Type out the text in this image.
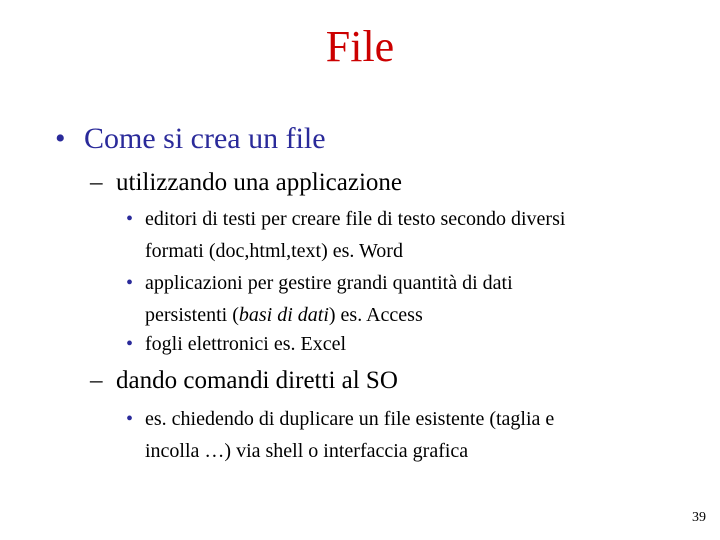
File
• Come si crea un file
– utilizzando una applicazione
• editori di testi per creare file di testo secondo diversi
formati (doc,html,text) es. Word
• applicazioni per gestire grandi quantità di dati
persistenti (basi di dati) es. Access
• fogli elettronici es. Excel
– dando comandi diretti al SO
• es. chiedendo di duplicare un file esistente (taglia e
incolla …) via shell o interfaccia grafica
39
